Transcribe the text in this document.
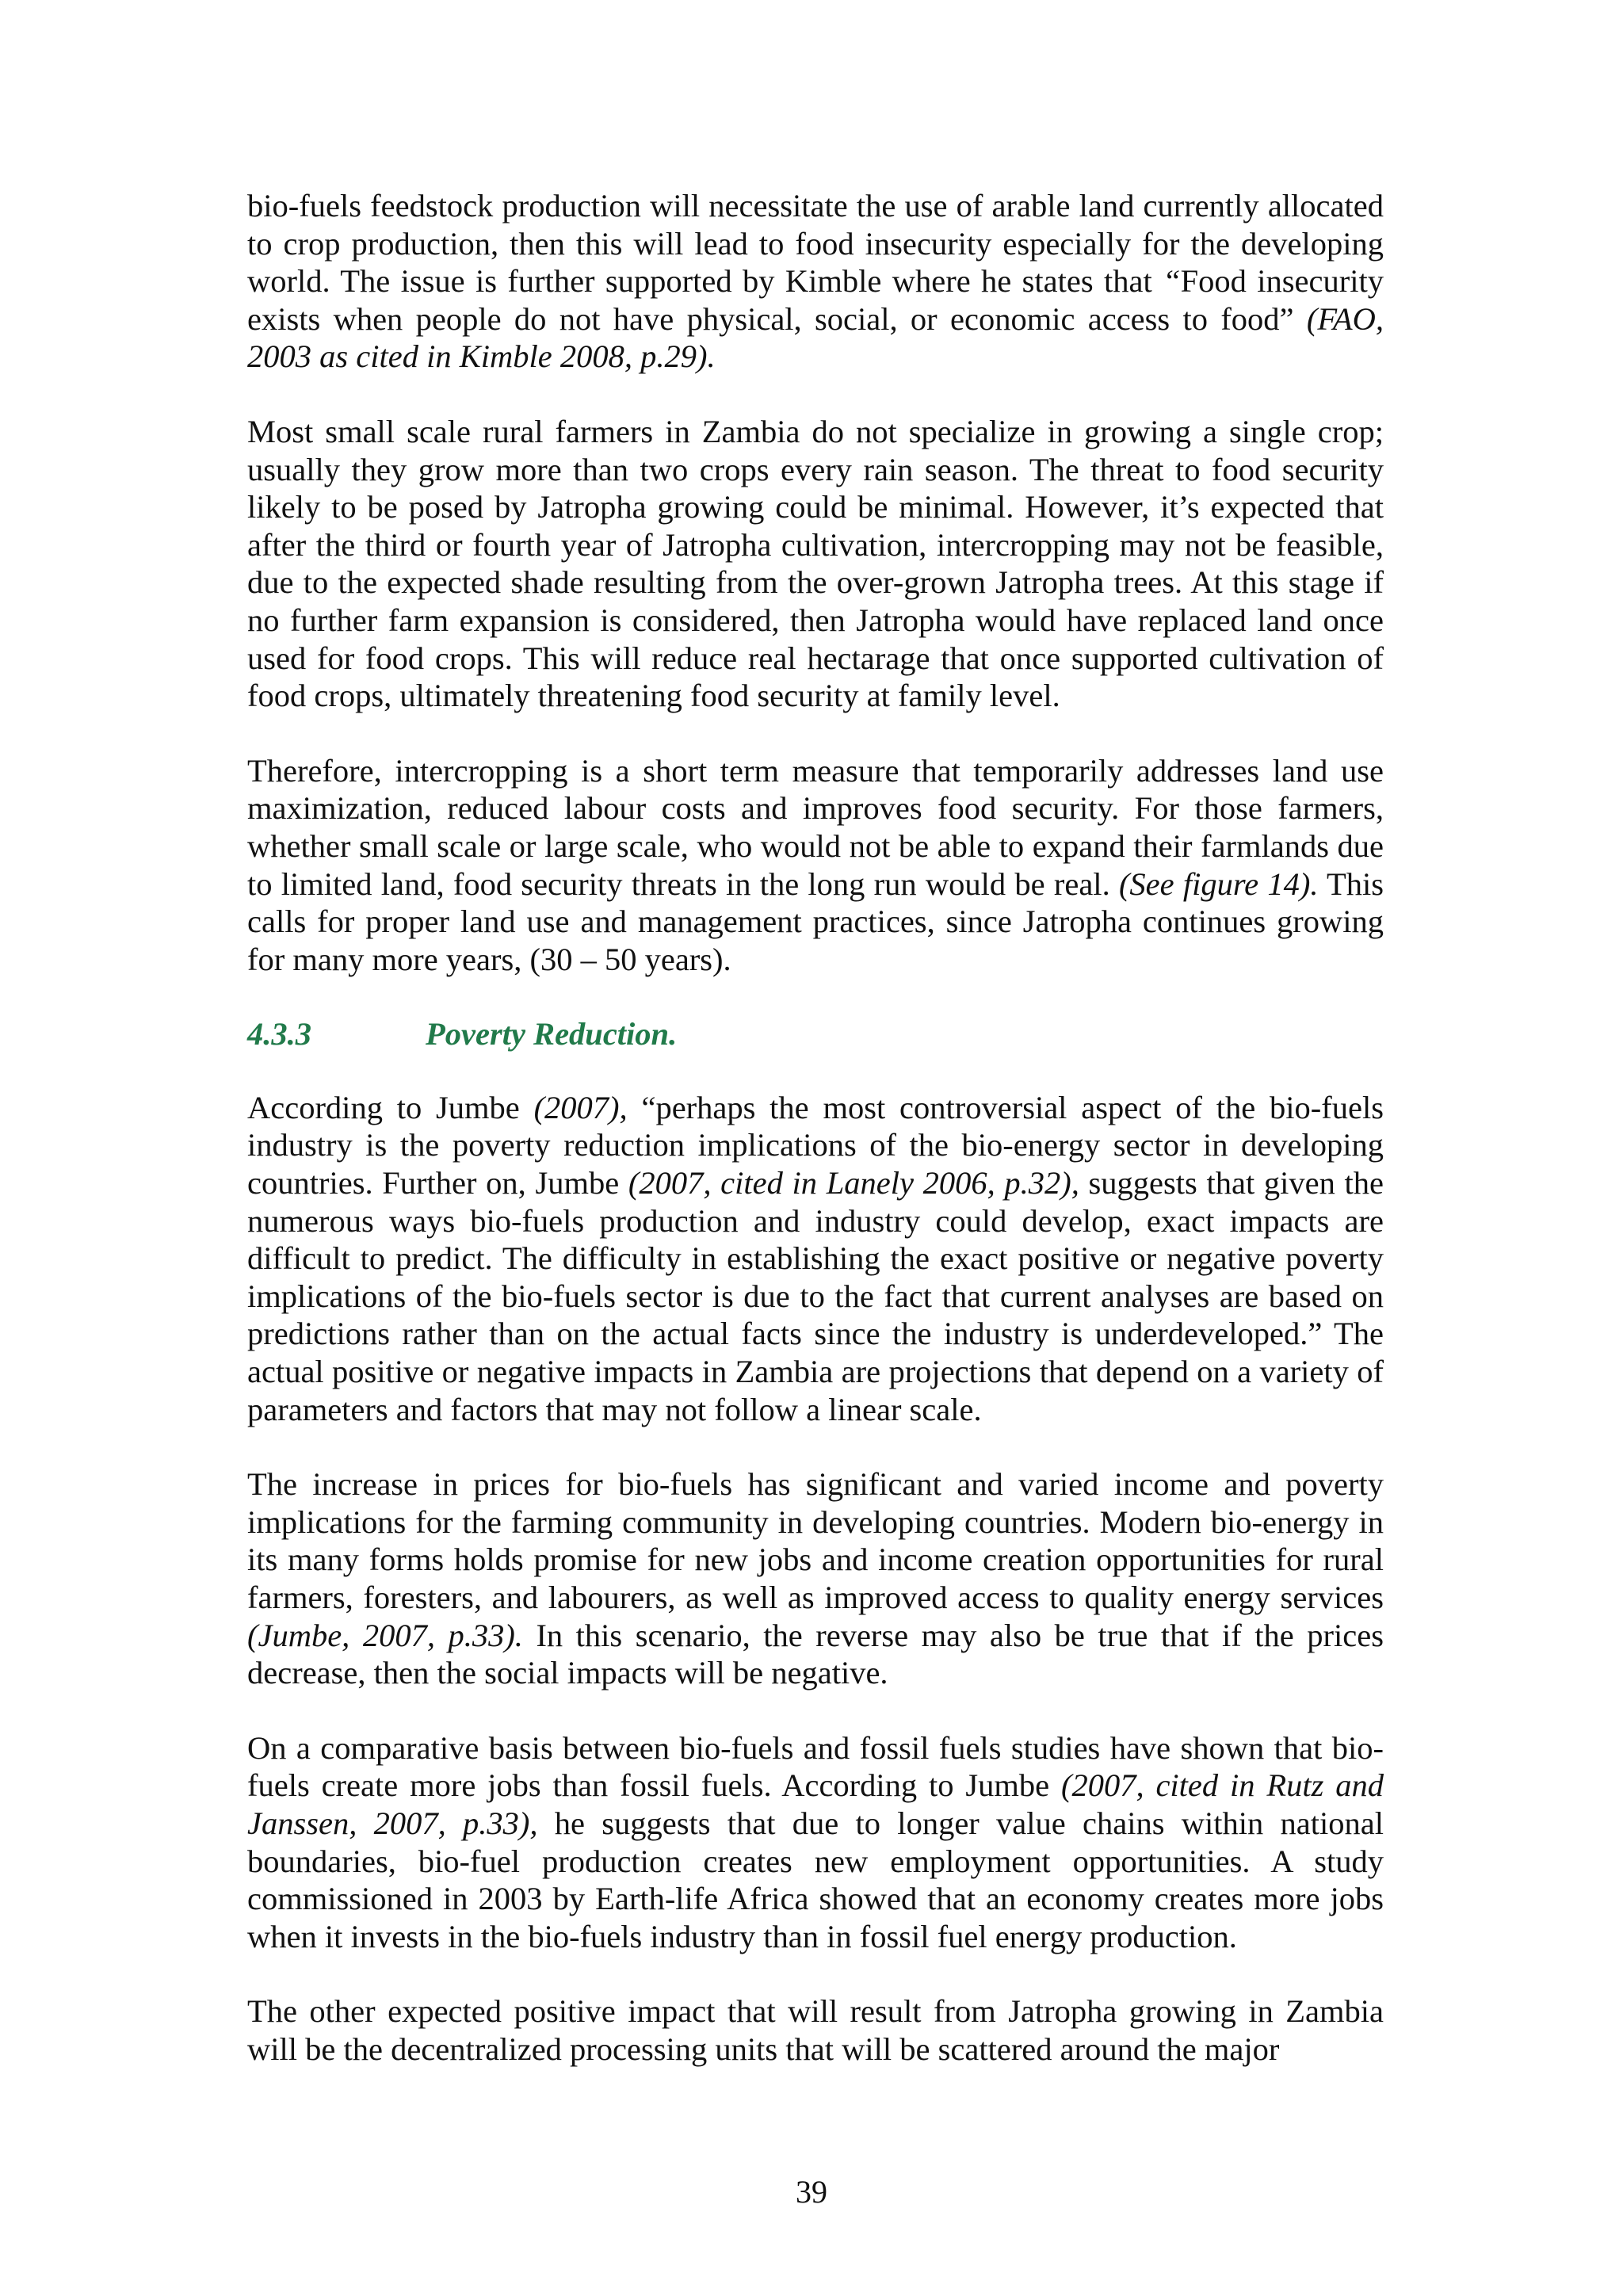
bio-fuels feedstock production will necessitate the use of arable land currently allocated to crop production, then this will lead to food insecurity especially for the developing world. The issue is further supported by Kimble where he states that “Food insecurity exists when people do not have physical, social, or economic access to food” (FAO, 2003 as cited in Kimble 2008, p.29).

Most small scale rural farmers in Zambia do not specialize in growing a single crop; usually they grow more than two crops every rain season. The threat to food security likely to be posed by Jatropha growing could be minimal. However, it’s expected that after the third or fourth year of Jatropha cultivation, intercropping may not be feasible, due to the expected shade resulting from the over-grown Jatropha trees. At this stage if no further farm expansion is considered, then Jatropha would have replaced land once used for food crops. This will reduce real hectarage that once supported cultivation of food crops, ultimately threatening food security at family level.

Therefore, intercropping is a short term measure that temporarily addresses land use maximization, reduced labour costs and improves food security. For those farmers, whether small scale or large scale, who would not be able to expand their farmlands due to limited land, food security threats in the long run would be real. (See figure 14). This calls for proper land use and management practices, since Jatropha continues growing for many more years, (30 – 50 years).

4.3.3	Poverty Reduction.

According to Jumbe (2007), “perhaps the most controversial aspect of the bio-fuels industry is the poverty reduction implications of the bio-energy sector in developing countries. Further on, Jumbe (2007, cited in Lanely 2006, p.32), suggests that given the numerous ways bio-fuels production and industry could develop, exact impacts are difficult to predict. The difficulty in establishing the exact positive or negative poverty implications of the bio-fuels sector is due to the fact that current analyses are based on predictions rather than on the actual facts since the industry is underdeveloped.” The actual positive or negative impacts in Zambia are projections that depend on a variety of parameters and factors that may not follow a linear scale.

The increase in prices for bio-fuels has significant and varied income and poverty implications for the farming community in developing countries. Modern bio-energy in its many forms holds promise for new jobs and income creation opportunities for rural farmers, foresters, and labourers, as well as improved access to quality energy services (Jumbe, 2007, p.33). In this scenario, the reverse may also be true that if the prices decrease, then the social impacts will be negative.

On a comparative basis between bio-fuels and fossil fuels studies have shown that bio-fuels create more jobs than fossil fuels. According to Jumbe (2007, cited in Rutz and Janssen, 2007, p.33), he suggests that due to longer value chains within national boundaries, bio-fuel production creates new employment opportunities. A study commissioned in 2003 by Earth-life Africa showed that an economy creates more jobs when it invests in the bio-fuels industry than in fossil fuel energy production.

The other expected positive impact that will result from Jatropha growing in Zambia will be the decentralized processing units that will be scattered around the major

39
